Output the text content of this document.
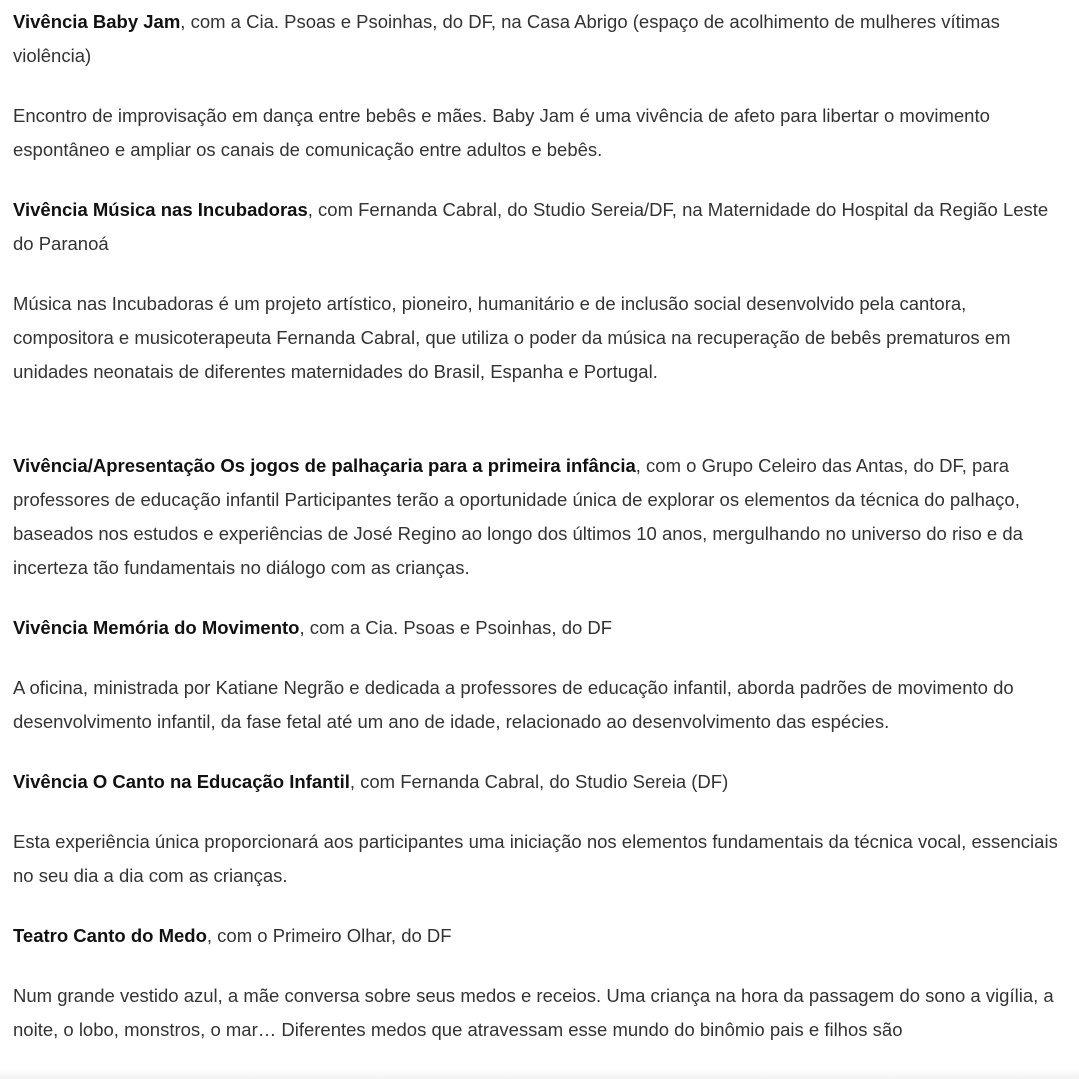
Vivência Baby Jam, com a Cia. Psoas e Psoinhas, do DF, na Casa Abrigo (espaço de acolhimento de mulheres vítimas violência)

Encontro de improvisação em dança entre bebês e mães. Baby Jam é uma vivência de afeto para libertar o movimento espontâneo e ampliar os canais de comunicação entre adultos e bebês.

Vivência Música nas Incubadoras, com Fernanda Cabral, do Studio Sereia/DF, na Maternidade do Hospital da Região Leste do Paranoá

Música nas Incubadoras é um projeto artístico, pioneiro, humanitário e de inclusão social desenvolvido pela cantora, compositora e musicoterapeuta Fernanda Cabral, que utiliza o poder da música na recuperação de bebês prematuros em unidades neonatais de diferentes maternidades do Brasil, Espanha e Portugal.

Vivência/Apresentação Os jogos de palhaçaria para a primeira infância, com o Grupo Celeiro das Antas, do DF, para professores de educação infantil Participantes terão a oportunidade única de explorar os elementos da técnica do palhaço, baseados nos estudos e experiências de José Regino ao longo dos últimos 10 anos, mergulhando no universo do riso e da incerteza tão fundamentais no diálogo com as crianças.

Vivência Memória do Movimento, com a Cia. Psoas e Psoinhas, do DF

A oficina, ministrada por Katiane Negrão e dedicada a professores de educação infantil, aborda padrões de movimento do desenvolvimento infantil, da fase fetal até um ano de idade, relacionado ao desenvolvimento das espécies.

Vivência O Canto na Educação Infantil, com Fernanda Cabral, do Studio Sereia (DF)

Esta experiência única proporcionará aos participantes uma iniciação nos elementos fundamentais da técnica vocal, essenciais no seu dia a dia com as crianças.

Teatro Canto do Medo, com o Primeiro Olhar, do DF

Num grande vestido azul, a mãe conversa sobre seus medos e receios. Uma criança na hora da passagem do sono a vigília, a noite, o lobo, monstros, o mar… Diferentes medos que atravessam esse mundo do binômio pais e filhos são
